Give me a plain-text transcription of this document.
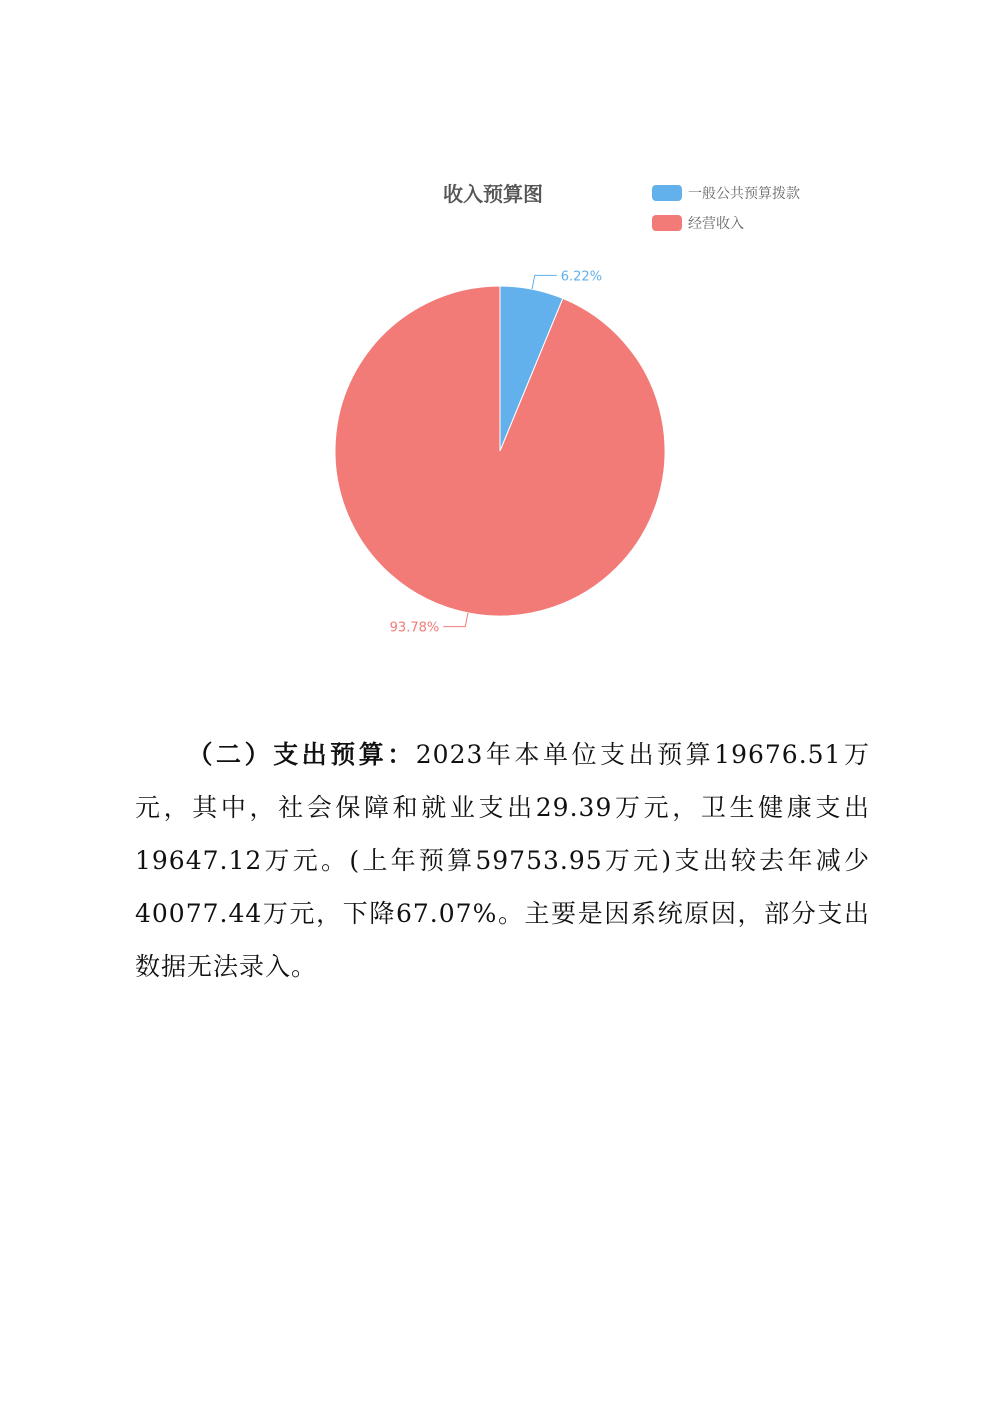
收入预算图	一般公共预算拨款
经营收入
6.22%
93.78%

（二）支出预算：2023年本单位支出预算19676.51万元，其中，社会保障和就业支出29.39万元，卫生健康支出19647.12万元。(上年预算59753.95万元)支出较去年减少40077.44万元，下降67.07%。主要是因系统原因，部分支出数据无法录入。
